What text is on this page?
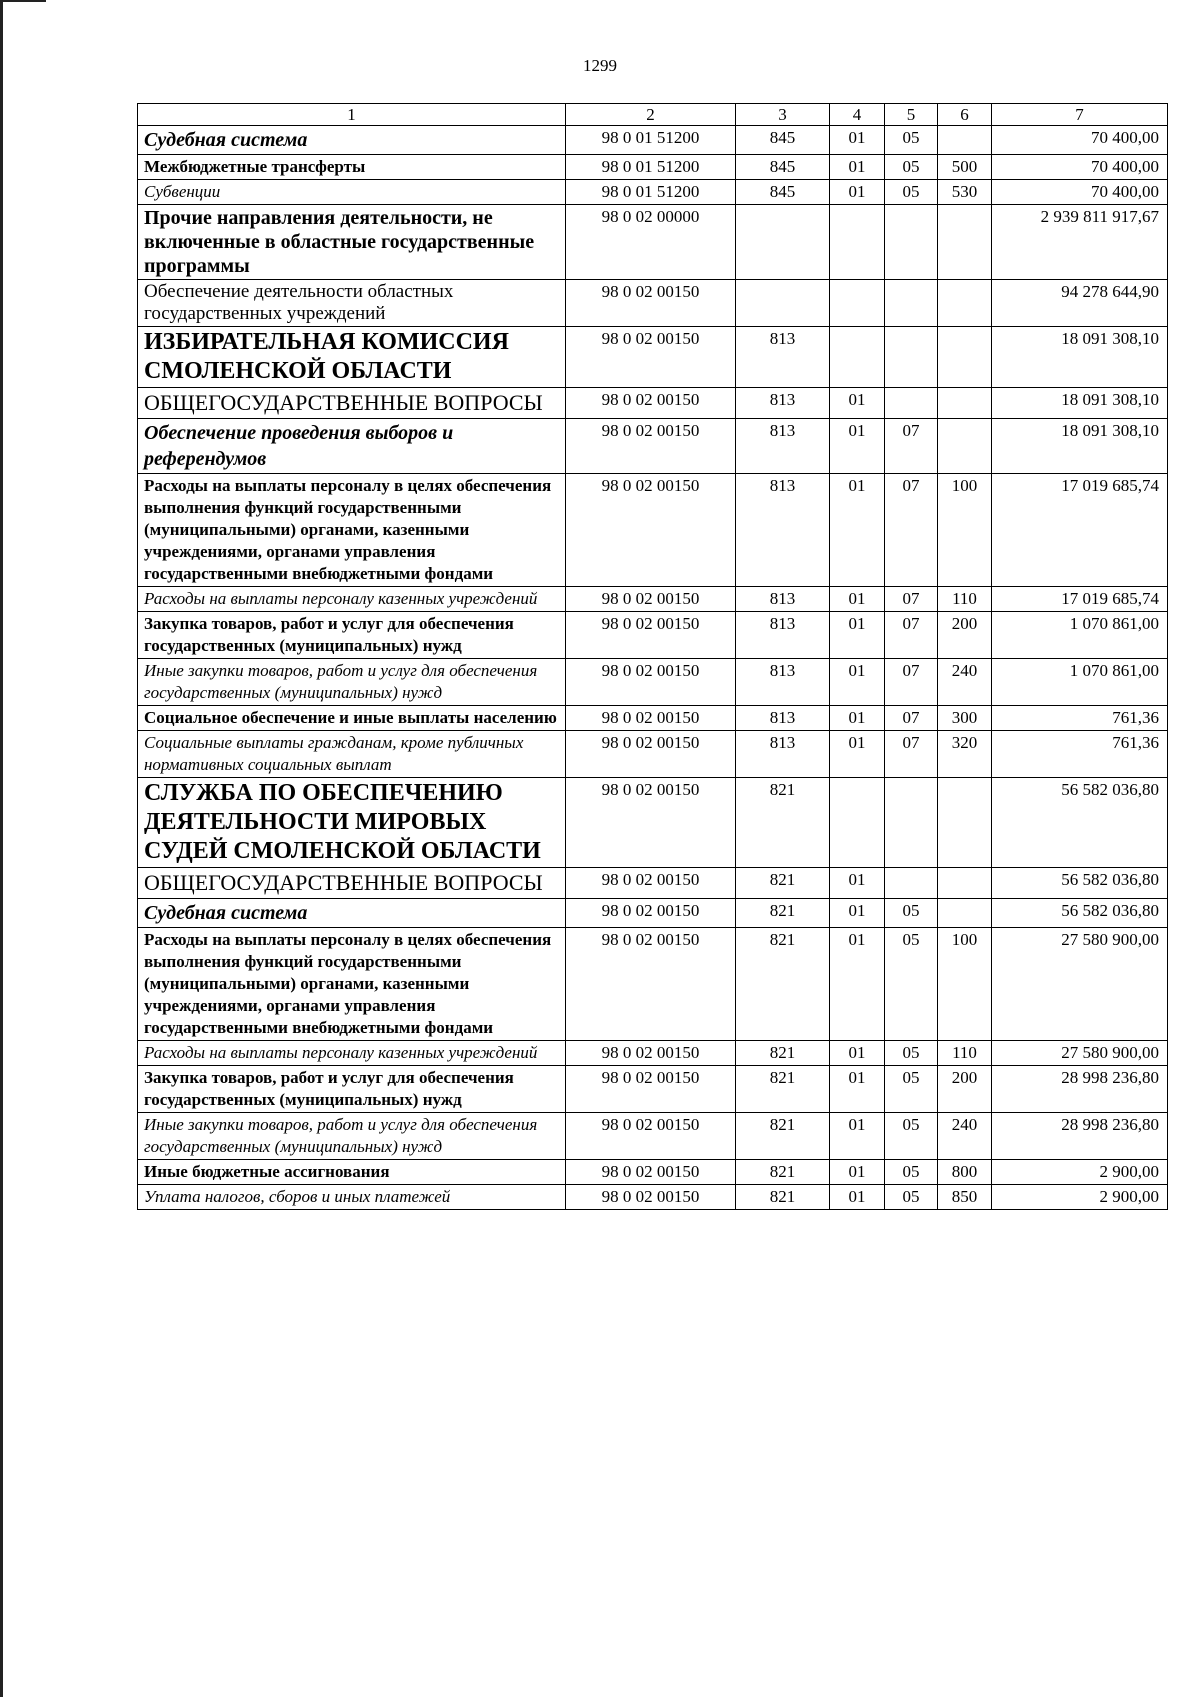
1299
1	2	3	4	5	6	7
Судебная система	98 0 01 51200	845	01	05		70 400,00
Межбюджетные трансферты	98 0 01 51200	845	01	05	500	70 400,00
Субвенции	98 0 01 51200	845	01	05	530	70 400,00
Прочие направления деятельности, не включенные в областные государственные программы	98 0 02 00000					2 939 811 917,67
Обеспечение деятельности областных государственных учреждений	98 0 02 00150					94 278 644,90
ИЗБИРАТЕЛЬНАЯ КОМИССИЯ СМОЛЕНСКОЙ ОБЛАСТИ	98 0 02 00150	813				18 091 308,10
ОБЩЕГОСУДАРСТВЕННЫЕ ВОПРОСЫ	98 0 02 00150	813	01			18 091 308,10
Обеспечение проведения выборов и референдумов	98 0 02 00150	813	01	07		18 091 308,10
Расходы на выплаты персоналу в целях обеспечения выполнения функций государственными (муниципальными) органами, казенными учреждениями, органами управления государственными внебюджетными фондами	98 0 02 00150	813	01	07	100	17 019 685,74
Расходы на выплаты персоналу казенных учреждений	98 0 02 00150	813	01	07	110	17 019 685,74
Закупка товаров, работ и услуг для обеспечения государственных (муниципальных) нужд	98 0 02 00150	813	01	07	200	1 070 861,00
Иные закупки товаров, работ и услуг для обеспечения государственных (муниципальных) нужд	98 0 02 00150	813	01	07	240	1 070 861,00
Социальное обеспечение и иные выплаты населению	98 0 02 00150	813	01	07	300	761,36
Социальные выплаты гражданам, кроме публичных нормативных социальных выплат	98 0 02 00150	813	01	07	320	761,36
СЛУЖБА ПО ОБЕСПЕЧЕНИЮ ДЕЯТЕЛЬНОСТИ МИРОВЫХ СУДЕЙ СМОЛЕНСКОЙ ОБЛАСТИ	98 0 02 00150	821				56 582 036,80
ОБЩЕГОСУДАРСТВЕННЫЕ ВОПРОСЫ	98 0 02 00150	821	01			56 582 036,80
Судебная система	98 0 02 00150	821	01	05		56 582 036,80
Расходы на выплаты персоналу в целях обеспечения выполнения функций государственными (муниципальными) органами, казенными учреждениями, органами управления государственными внебюджетными фондами	98 0 02 00150	821	01	05	100	27 580 900,00
Расходы на выплаты персоналу казенных учреждений	98 0 02 00150	821	01	05	110	27 580 900,00
Закупка товаров, работ и услуг для обеспечения государственных (муниципальных) нужд	98 0 02 00150	821	01	05	200	28 998 236,80
Иные закупки товаров, работ и услуг для обеспечения государственных (муниципальных) нужд	98 0 02 00150	821	01	05	240	28 998 236,80
Иные бюджетные ассигнования	98 0 02 00150	821	01	05	800	2 900,00
Уплата налогов, сборов и иных платежей	98 0 02 00150	821	01	05	850	2 900,00
